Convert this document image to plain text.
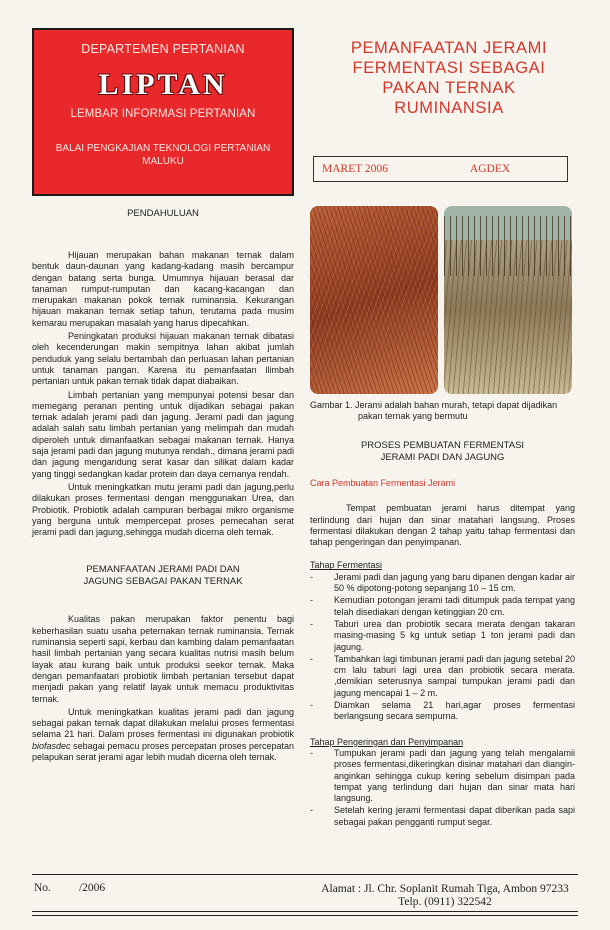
DEPARTEMEN PERTANIAN
LIPTAN
LEMBAR INFORMASI PERTANIAN
BALAI PENGKAJIAN TEKNOLOGI PERTANIAN
MALUKU
PEMANFAATAN JERAMI
FERMENTASI SEBAGAI
PAKAN TERNAK
RUMINANSIA
MARET 2006	AGDEX
PENDAHULUAN

Hijauan merupakan bahan makanan ternak dalam bentuk daun-daunan yang kadang-kadang masih bercampur dengan batang serta bunga. Umumnya hijauan berasal dar tanaman rumput-rumputan dan kacang-kacangan dan merupakan makanan pokok ternak ruminansia. Kekurangan hijauan makanan ternak setiap tahun, terutama pada musim kemarau merupakan masalah yang harus dipecahkan.

Peningkatan produksi hijauan makanan ternak dibatasi oleh kecenderungan makin sempitnya lahan akibat jumlah penduduk yang selalu bertambah dan perluasan lahan pertanian untuk tanaman pangan. Karena itu pemanfaatan llimbah pertanian untuk pakan ternak tidak dapat diabaikan.

Limbah pertanian yang mempunyai potensi besar dan memegang peranan penting untuk dijadikan sebagai pakan ternak adalah jerami padi dan jagung. Jerami padi dan jagung adalah salah satu limbah pertanian yang melimpah dan mudah diperoleh untuk dimanfaatkan sebagai makanan ternak. Hanya saja jerami padi dan jagung mutunya rendah., dimana jerami padi dan jagung mengandung serat kasar dan silikat dalam kadar yang tinggi sedangkan kadar protein dan daya cernanya rendah.

Untuk meningkatkan mutu jerami padi dan jagung,perlu dilakukan proses fermentasi dengan menggunakan Urea, dan Probiotik. Probiotik adalah campuran berbagai mikro organisme yang berguna untuk mempercepat proses pemecahan serat jerami padi dan jagung,sehingga mudah dicerna oleh ternak.

PEMANFAATAN JERAMI PADI DAN
JAGUNG SEBAGAI PAKAN TERNAK

Kualitas pakan merupakan faktor penentu bagi keberhasilan suatu usaha peternakan ternak ruminansia. Ternak ruminansia seperti sapi, kerbau dan kambing dalam pemanfaatan hasil limbah pertanian yang secara kualitas nutrisi masih belum layak atau kurang baik untuk produksi seekor ternak. Maka dengan pemanfaatan probiotik limbah pertanian tersebut dapat menjadi pakan yang relatif layak untuk memacu produktivitas ternak.

Untuk meningkatkan kualitas jerami padi dan jagung sebagai pakan ternak dapat dilakukan melalui proses fermentasi selama 21 hari. Dalam proses fermentasi ini digunakan probiotik biofasdec sebagai pemacu proses percepatan proses percepatan pelapukan serat jerami agar lebih mudah dicerna oleh ternak.

Gambar 1. Jerami adalah bahan murah, tetapi dapat dijadikan
pakan ternak yang bermutu
PROSES PEMBUATAN FERMENTASI
JERAMI PADI DAN JAGUNG
Cara Pembuatan Fermentasi Jerami

Tempat pembuatan jerami harus ditempat yang terlindung dari hujan dan sinar matahari langsung. Proses fermentasi dilakukan dengan 2 tahap yaitu tahap fermentasi dan tahap pengeringan dan penyimpanan.

Tahap Fermentasi
- Jerami padi dan jagung yang baru dipanen dengan kadar air 50 % dipotong-potong sepanjang 10 – 15 cm.
- Kemudian potongan jerami tadi ditumpuk pada tempat yang telah disediakan dengan ketinggian 20 cm.
- Taburi urea dan probiotik secara merata dengan takaran masing-masing 5 kg untuk setiap 1 ton jerami padi dan jagung.
- Tambahkan lagi timbunan jerami padi dan jagung setebal 20 cm lalu taburi lagi urea dan probiotik secara merata. ,demikian seterusnya sampai tumpukan jerami padi dan jagung mencapai 1 – 2 m.
- Diamkan selama 21 hari,agar proses fermentasi berlangsung secara sempurna.
Tahap Pengeringan dan Penyimpanan
- Tumpukan jerami padi dan jagung yang telah mengalamii proses fermentasi,dikeringkan disinar matahari dan diangin-anginkan sehingga cukup kering sebelum disimpan pada tempat yang terlindung dari hujan dan sinar mata hari langsung.
- Setelah kering jerami fermentasi dapat diberikan pada sapi sebagai pakan pengganti rumput segar.
No. /2006	Alamat : Jl. Chr. Soplanit Rumah Tiga, Ambon 97233
Telp. (0911) 322542
